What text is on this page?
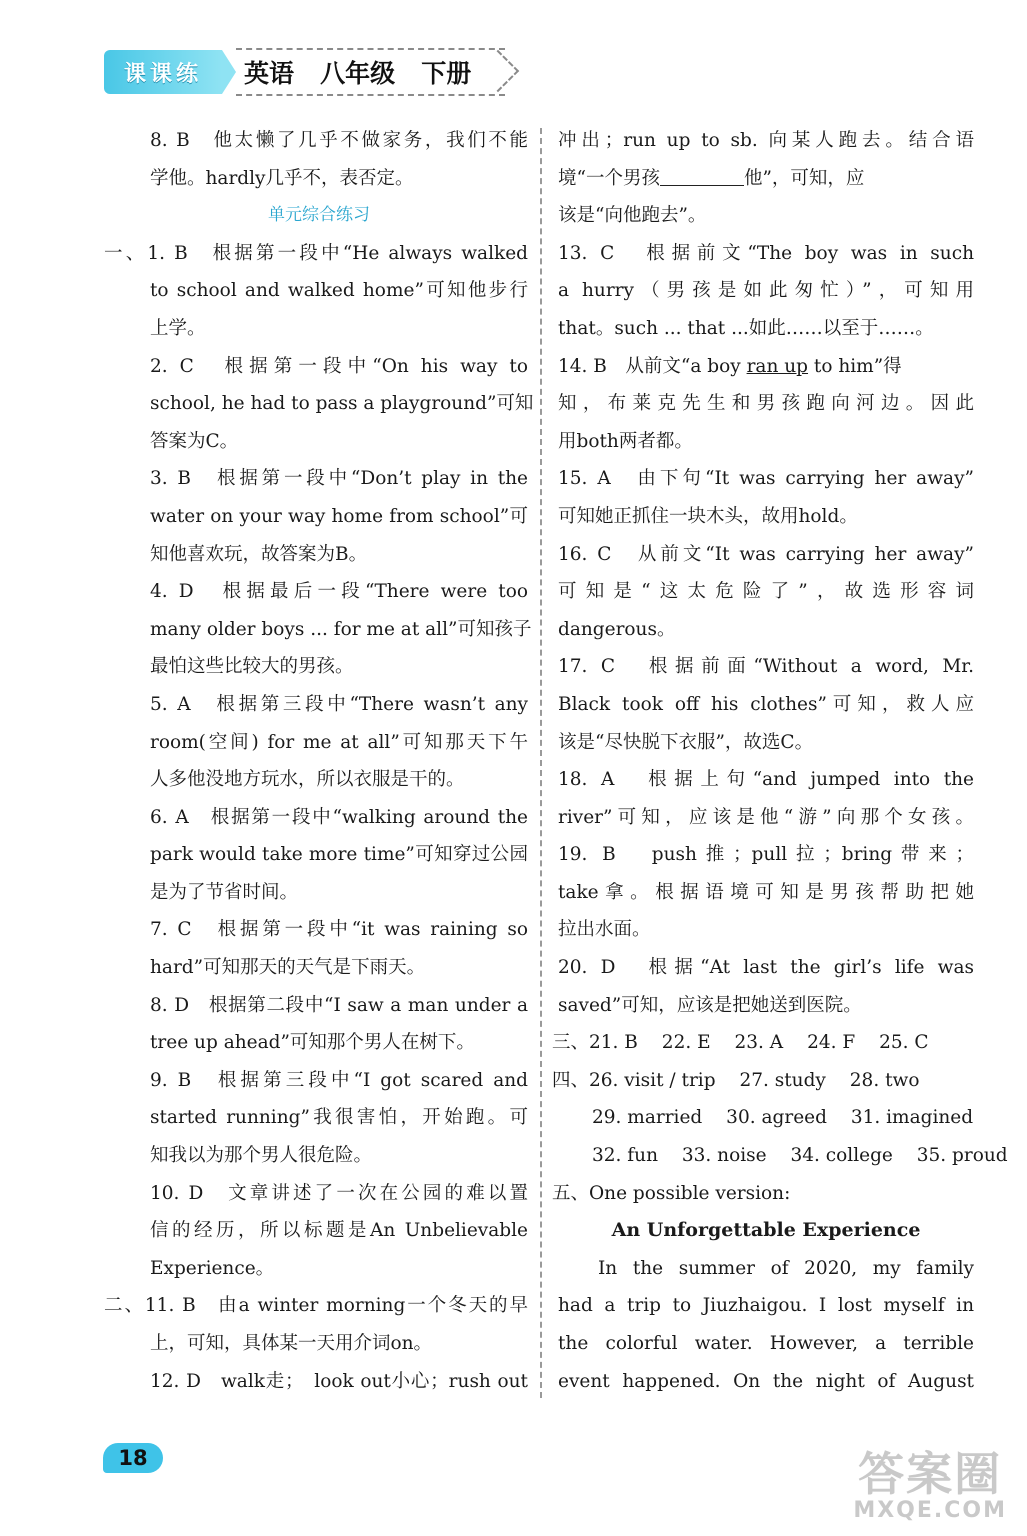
课课练 英语   八年级   下册
8. B　他太懒了几乎不做家务，我们不能
学他。hardly几乎不，表否定。
单元综合练习
一、1. B　根据第一段中“He always walked
to school and walked home”可知他步行
上学。
2. C　根据第一段中“On his way to
school, he had to pass a playground”可知
答案为C。
3. B　根据第一段中“Don’t play in the
water on your way home from school”可
知他喜欢玩，故答案为B。
4. D　根据最后一段“There were too
many older boys ... for me at all”可知孩子
最怕这些比较大的男孩。
5. A　根据第三段中“There wasn’t any
room(空间) for me at all”可知那天下午
人多他没地方玩水，所以衣服是干的。
6. A　根据第一段中“walking around the
park would take more time”可知穿过公园
是为了节省时间。
7. C　根据第一段中“it was raining so
hard”可知那天的天气是下雨天。
8. D　根据第二段中“I saw a man under a
tree up ahead”可知那个男人在树下。
9. B　根据第三段中“I got scared and
started running”我很害怕，开始跑。可
知我以为那个男人很危险。
10. D　文章讲述了一次在公园的难以置
信的经历，所以标题是An Unbelievable
Experience。
二、11. B　由a winter morning一个冬天的早
上，可知，具体某一天用介词on。
12. D　walk走；　look out小心；rush out
冲出；run up to sb. 向某人跑去。结合语
境“一个男孩	他”，可知，应
该是“向他跑去”。
13. C　根据前文“The boy was in such
a hurry（男孩是如此匆忙）”，可知用
that。such ... that ...如此……以至于……。
14. B　从前文“a boy ran up to him”得
知，布莱克先生和男孩跑向河边。因此
用both两者都。
15. A　由下句“It was carrying her away”
可知她正抓住一块木头，故用hold。
16. C　从前文“It was carrying her away”
可知是“这太危险了”，故选形容词
dangerous。
17. C　根据前面“Without a word, Mr.
Black took off his clothes”可知，救人应
该是“尽快脱下衣服”，故选C。
18. A　根据上句“and jumped into the
river”可知，应该是他“游”向那个女孩。
19. B　push推；pull拉；bring带来；
take拿。根据语境可知是男孩帮助把她
拉出水面。
20. D　根据“At last the girl’s life was
saved”可知，应该是把她送到医院。
三、21. B 22. E 23. A 24. F 25. C
四、26. visit / trip 27. study 28. two
29. married 30. agreed 31. imagined
32. fun 33. noise 34. college 35. proud
五、One possible version:
An Unforgettable Experience
In the summer of 2020, my family
had a trip to Jiuzhaigou. I lost myself in
the colorful water. However, a terrible
event happened. On the night of August
18	答案圈
MXQE.COM
